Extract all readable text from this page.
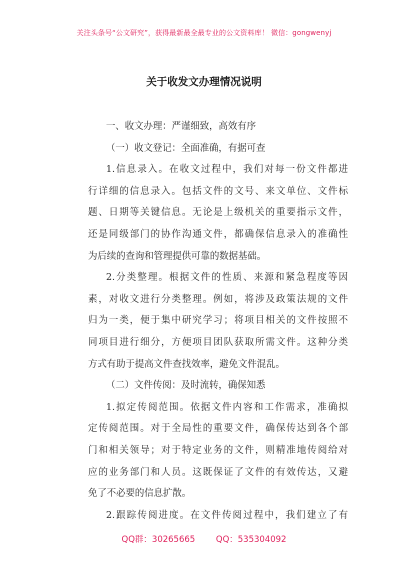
关注头条号“公文研究”，获得最新最全最专业的公文资料库！ 微信：gongwenyj
关于收发文办理情况说明
一、收文办理：严谨细致，高效有序
（一）收文登记：全面准确，有据可查
1.信息录入。在收文过程中，我们对每一份文件都进
行详细的信息录入。包括文件的文号、来文单位、文件标
题、日期等关键信息。无论是上级机关的重要指示文件，
还是同级部门的协作沟通文件，都确保信息录入的准确性
为后续的查询和管理提供可靠的数据基础。
2.分类整理。根据文件的性质、来源和紧急程度等因
素，对收文进行分类整理。例如，将涉及政策法规的文件
归为一类，便于集中研究学习；将项目相关的文件按照不
同项目进行细分，方便项目团队获取所需文件。这种分类
方式有助于提高文件查找效率，避免文件混乱。
（二）文件传阅：及时流转，确保知悉
1.拟定传阅范围。依据文件内容和工作需求，准确拟
定传阅范围。对于全局性的重要文件，确保传达到各个部
门和相关领导；对于特定业务的文件，则精准地传阅给对
应的业务部门和人员。这既保证了文件的有效传达，又避
免了不必要的信息扩散。
2.跟踪传阅进度。在文件传阅过程中，我们建立了有
QQ群：30265665 QQ：535304092
